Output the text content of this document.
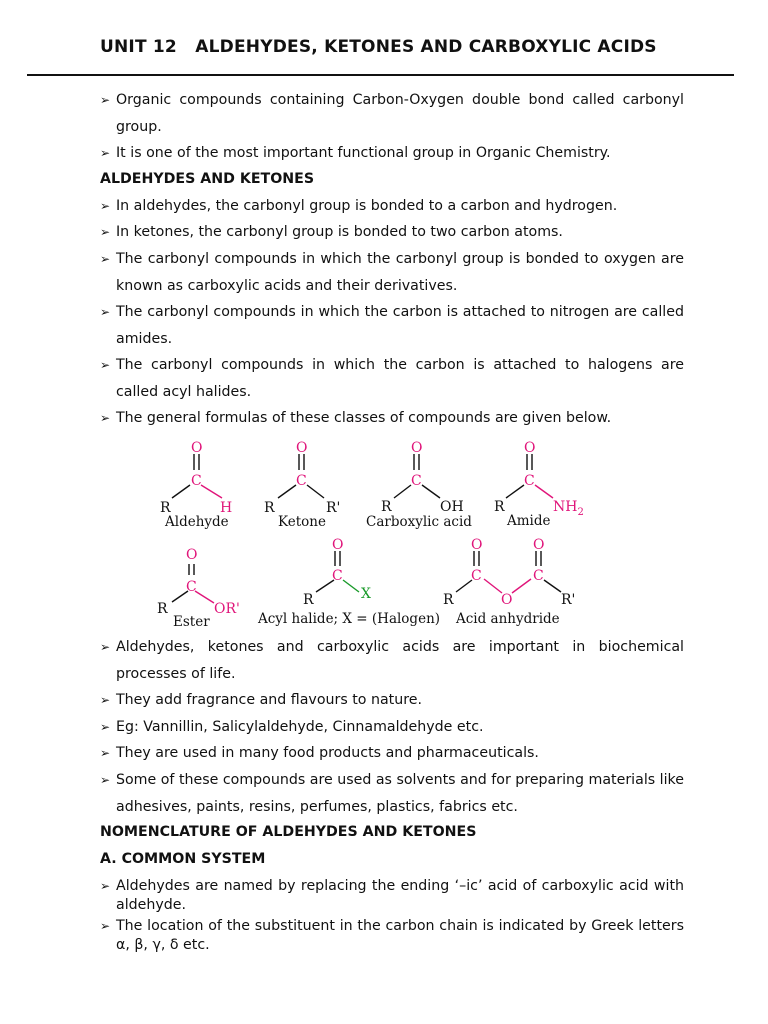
UNIT 12   ALDEHYDES, KETONES AND CARBOXYLIC ACIDS
➢ Organic compounds containing Carbon-Oxygen double bond called carbonyl group.
➢ It is one of the most important functional group in Organic Chemistry.
ALDEHYDES AND KETONES
➢ In aldehydes, the carbonyl group is bonded to a carbon and hydrogen.
➢ In ketones, the carbonyl group is bonded to two carbon atoms.
➢ The carbonyl compounds in which the carbonyl group is bonded to oxygen are known as carboxylic acids and their derivatives.
➢ The carbonyl compounds in which the carbon is attached to nitrogen are called amides.
➢ The carbonyl compounds in which the carbon is attached to halogens are called acyl halides.
➢ The general formulas of these classes of compounds are given below.
O
C
R	H
Aldehyde
O
C
R	R'
Ketone
O
C
R	OH
Carboxylic acid
O
C
R	$NH_2$
Amide
O
C
R	OR'
Ester
O
C
R	X
Acyl halide; X = (Halogen)
O	O
C	C
O
R	R'
Acid anhydride
➢ Aldehydes, ketones and carboxylic acids are important in biochemical processes of life.
➢ They add fragrance and flavours to nature.
➢ Eg: Vannillin, Salicylaldehyde, Cinnamaldehyde etc.
➢ They are used in many food products and pharmaceuticals.
➢ Some of these compounds are used as solvents and for preparing materials like adhesives, paints, resins, perfumes, plastics, fabrics etc.
NOMENCLATURE OF ALDEHYDES AND KETONES
A. COMMON SYSTEM
➢ Aldehydes are named by replacing the ending ‘–ic’ acid of carboxylic acid with aldehyde.
➢ The location of the substituent in the carbon chain is indicated by Greek letters α, β, γ, δ etc.
